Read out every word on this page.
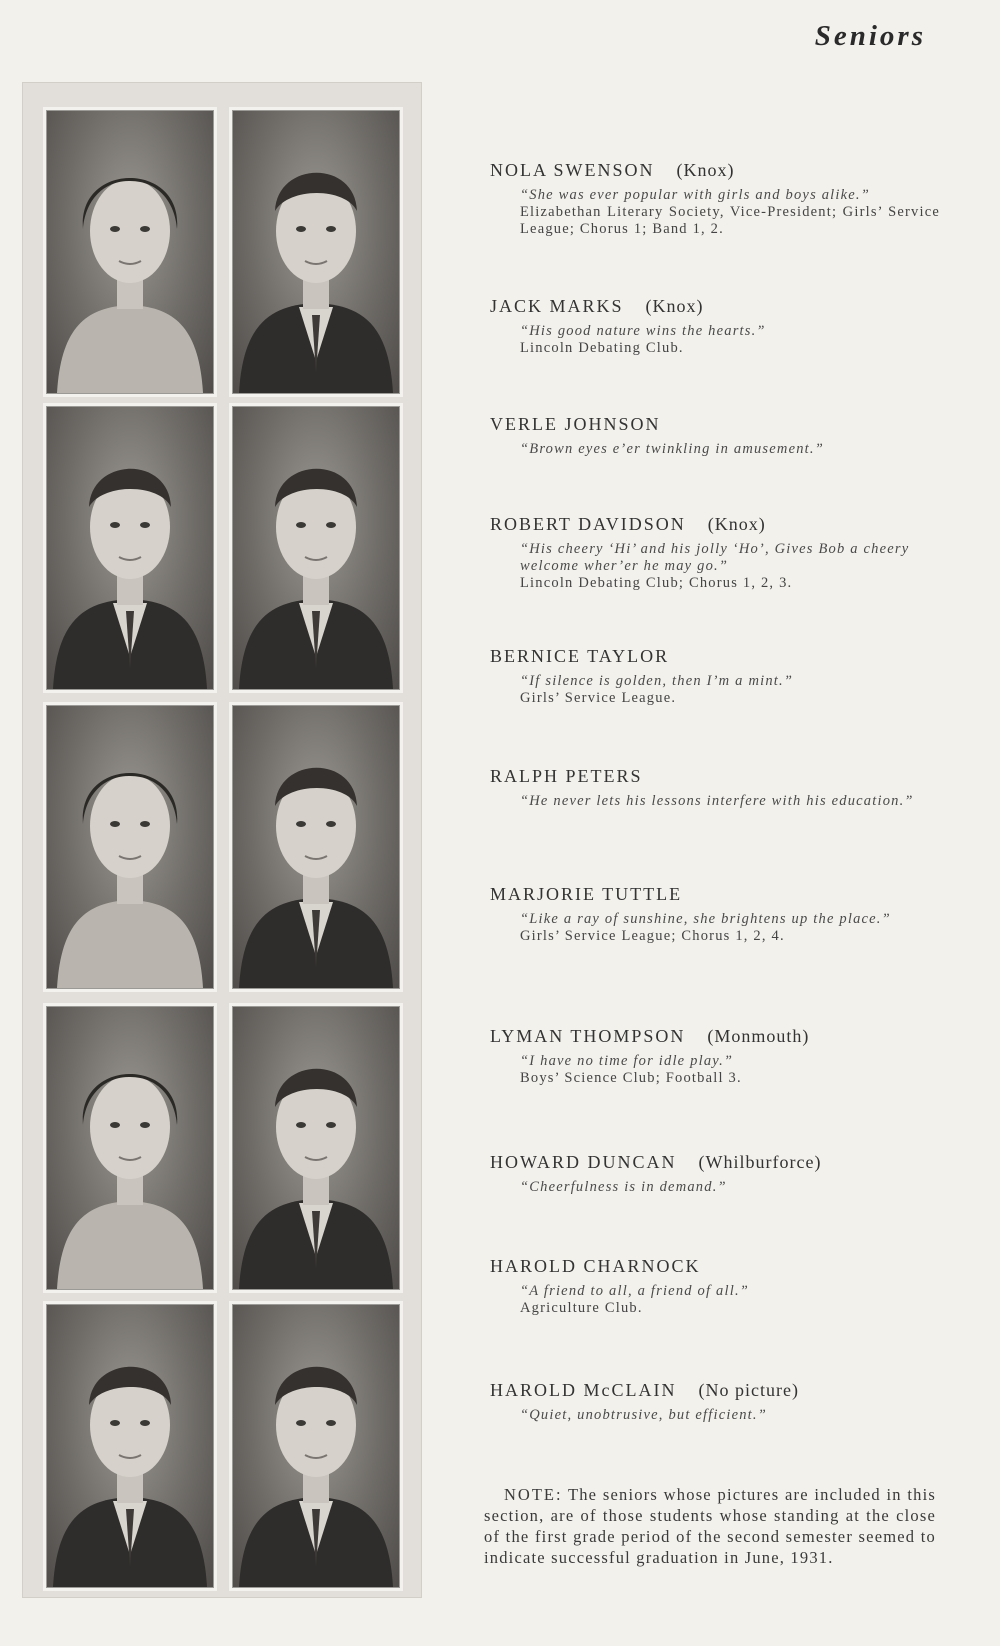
Seniors
NOLA SWENSON (Knox)
“She was ever popular with girls and boys alike.”
Elizabethan Literary Society, Vice-President; Girls’ Service League; Chorus 1; Band 1, 2.
JACK MARKS (Knox)
“His good nature wins the hearts.”
Lincoln Debating Club.
VERLE JOHNSON
“Brown eyes e’er twinkling in amusement.”
ROBERT DAVIDSON (Knox)
“His cheery ‘Hi’ and his jolly ‘Ho’, Gives Bob a cheery welcome wher’er he may go.”
Lincoln Debating Club; Chorus 1, 2, 3.
BERNICE TAYLOR
“If silence is golden, then I’m a mint.”
Girls’ Service League.
RALPH PETERS
“He never lets his lessons interfere with his education.”
MARJORIE TUTTLE
“Like a ray of sunshine, she brightens up the place.”
Girls’ Service League; Chorus 1, 2, 4.
LYMAN THOMPSON (Monmouth)
“I have no time for idle play.”
Boys’ Science Club; Football 3.
HOWARD DUNCAN (Whilburforce)
“Cheerfulness is in demand.”
HAROLD CHARNOCK
“A friend to all, a friend of all.”
Agriculture Club.
HAROLD McCLAIN (No picture)
“Quiet, unobtrusive, but efficient.”
NOTE: The seniors whose pictures are included in this section, are of those students whose standing at the close of the first grade period of the second semester seemed to indicate successful graduation in June, 1931.
